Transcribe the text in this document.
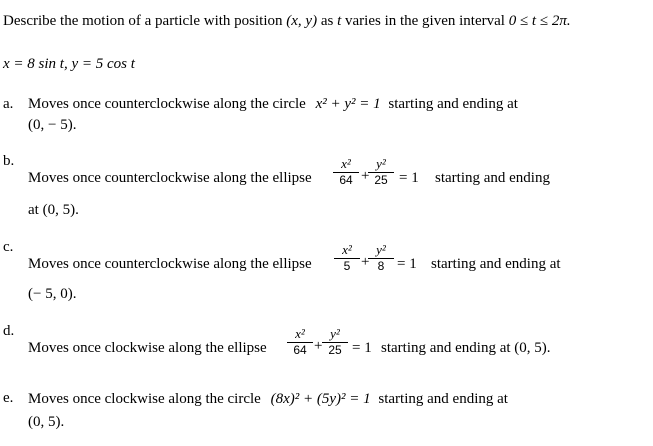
Describe the motion of a particle with position (x, y) as t varies in the given interval 0 ≤ t ≤ 2π.
x = 8 sin t, y = 5 cos t
a. Moves once counterclockwise along the circle x² + y² = 1 starting and ending at
(0, − 5).
b.
Moves once counterclockwise along the ellipse
x²
64 +
y²
25 = 1 starting and ending
at (0, 5).
c.
Moves once counterclockwise along the ellipse
x²
5 +
y²
8 = 1 starting and ending at
(− 5, 0).
d.
Moves once clockwise along the ellipse
x²
64 +
y²
25 = 1 starting and ending at (0, 5).
e. Moves once clockwise along the circle (8x)² + (5y)² = 1 starting and ending at
(0, 5).
